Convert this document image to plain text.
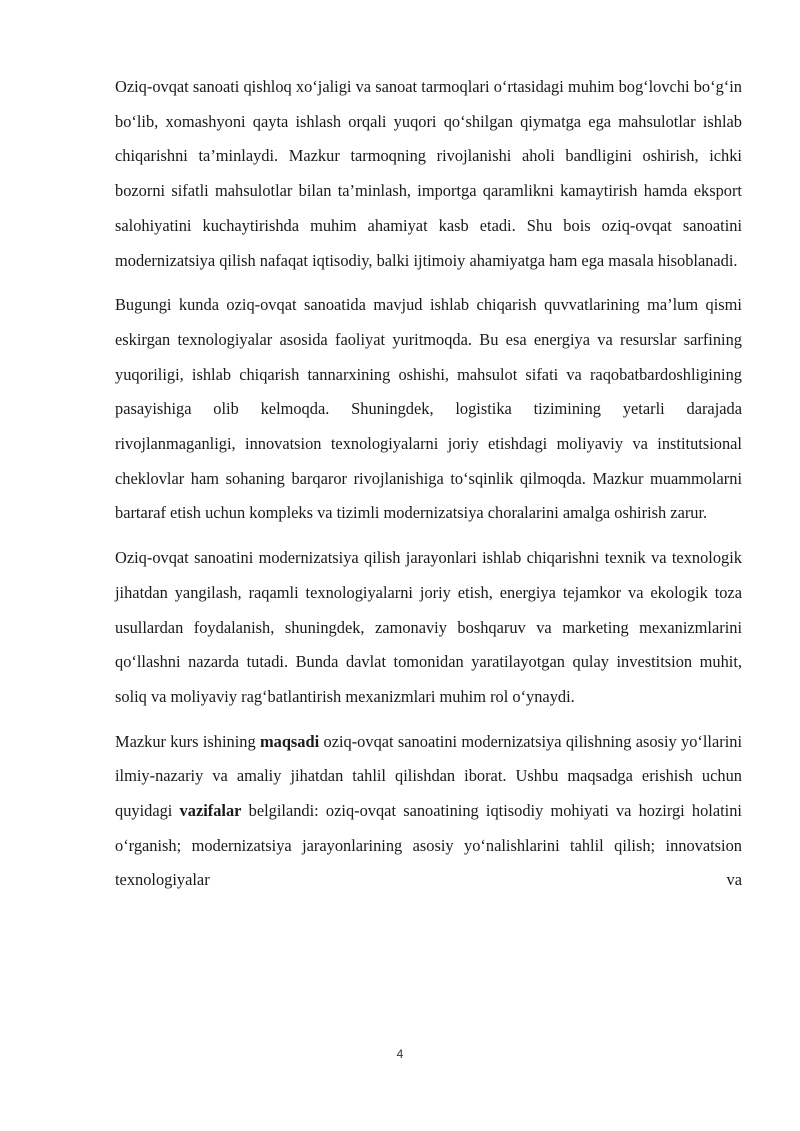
Oziq-ovqat sanoati qishloq xo‘jaligi va sanoat tarmoqlari o‘rtasidagi muhim bog‘lovchi bo‘g‘in bo‘lib, xomashyoni qayta ishlash orqali yuqori qo‘shilgan qiymatga ega mahsulotlar ishlab chiqarishni ta’minlaydi. Mazkur tarmoqning rivojlanishi aholi bandligini oshirish, ichki bozorni sifatli mahsulotlar bilan ta’minlash, importga qaramlikni kamaytirish hamda eksport salohiyatini kuchaytirishda muhim ahamiyat kasb etadi. Shu bois oziq-ovqat sanoatini modernizatsiya qilish nafaqat iqtisodiy, balki ijtimoiy ahamiyatga ham ega masala hisoblanadi.

Bugungi kunda oziq-ovqat sanoatida mavjud ishlab chiqarish quvvatlarining ma’lum qismi eskirgan texnologiyalar asosida faoliyat yuritmoqda. Bu esa energiya va resurslar sarfining yuqoriligi, ishlab chiqarish tannarxining oshishi, mahsulot sifati va raqobatbardoshligining pasayishiga olib kelmoqda. Shuningdek, logistika tizimining yetarli darajada rivojlanmaganligi, innovatsion texnologiyalarni joriy etishdagi moliyaviy va institutsional cheklovlar ham sohaning barqaror rivojlanishiga to‘sqinlik qilmoqda. Mazkur muammolarni bartaraf etish uchun kompleks va tizimli modernizatsiya choralarini amalga oshirish zarur.

Oziq-ovqat sanoatini modernizatsiya qilish jarayonlari ishlab chiqarishni texnik va texnologik jihatdan yangilash, raqamli texnologiyalarni joriy etish, energiya tejamkor va ekologik toza usullardan foydalanish, shuningdek, zamonaviy boshqaruv va marketing mexanizmlarini qo‘llashni nazarda tutadi. Bunda davlat tomonidan yaratilayotgan qulay investitsion muhit, soliq va moliyaviy rag‘batlantirish mexanizmlari muhim rol o‘ynaydi.

Mazkur kurs ishining maqsadi oziq-ovqat sanoatini modernizatsiya qilishning asosiy yo‘llarini ilmiy-nazariy va amaliy jihatdan tahlil qilishdan iborat. Ushbu maqsadga erishish uchun quyidagi vazifalar belgilandi: oziq-ovqat sanoatining iqtisodiy mohiyati va hozirgi holatini o‘rganish; modernizatsiya jarayonlarining asosiy yo‘nalishlarini tahlil qilish; innovatsion texnologiyalar va

4
